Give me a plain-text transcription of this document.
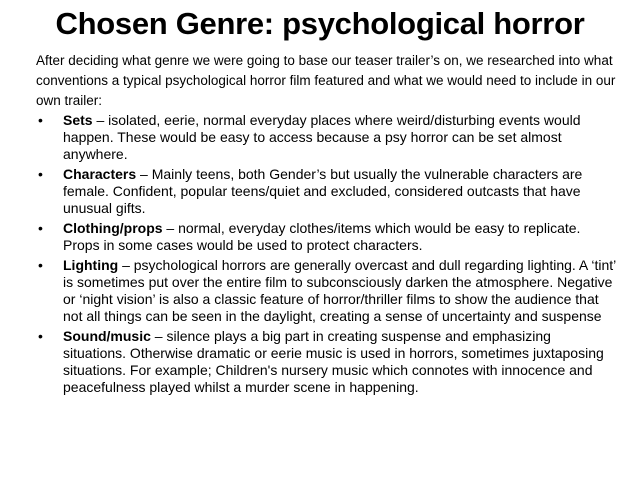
Chosen Genre: psychological horror

After deciding what genre we were going to base our teaser trailer’s on, we researched into what conventions a typical psychological horror film featured and what we would need to include in our own trailer:

• Sets – isolated, eerie, normal everyday places where weird/disturbing events would happen. These would be easy to access because a psy horror can be set almost anywhere.
• Characters – Mainly teens, both Gender’s but usually the vulnerable characters are female. Confident, popular teens/quiet and excluded, considered outcasts that have unusual gifts.
• Clothing/props – normal, everyday clothes/items which would be easy to replicate. Props in some cases would be used to protect characters.
• Lighting – psychological horrors are generally overcast and dull regarding lighting. A ‘tint’ is sometimes put over the entire film to subconsciously darken the atmosphere. Negative or ‘night vision’ is also a classic feature of horror/thriller films to show the audience that not all things can be seen in the daylight, creating a sense of uncertainty and suspense
• Sound/music – silence plays a big part in creating suspense and emphasizing situations. Otherwise dramatic or eerie music is used in horrors, sometimes juxtaposing situations. For example; Children's nursery music which connotes with innocence and peacefulness played whilst a murder scene in happening.
